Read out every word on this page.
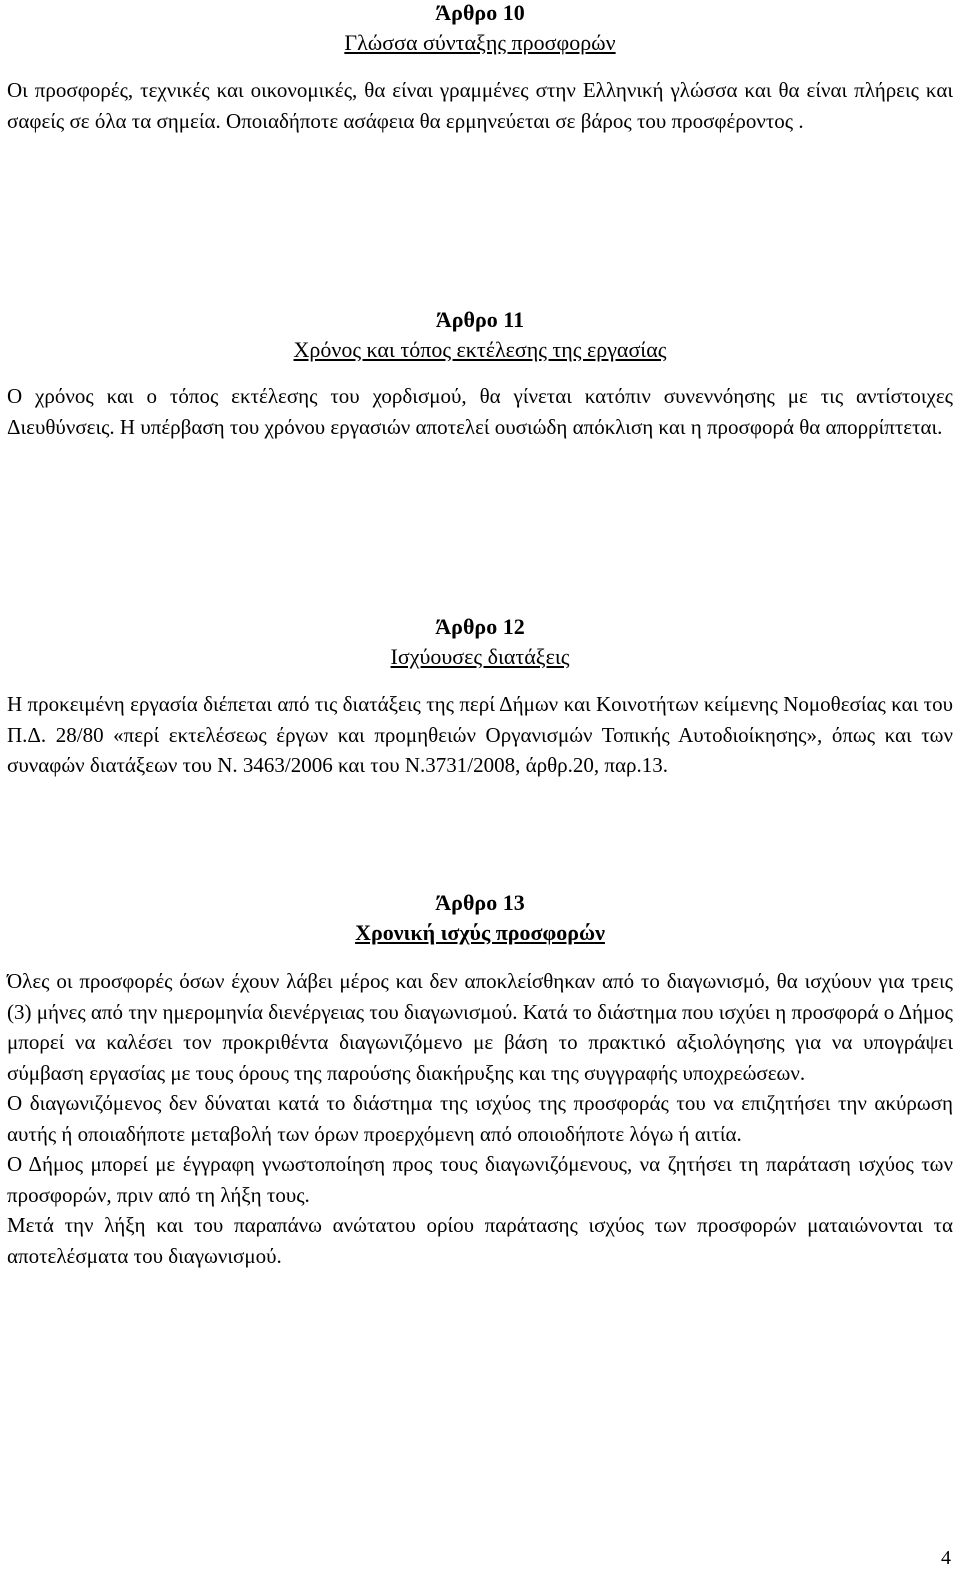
Άρθρο 10

Γλώσσα σύνταξης προσφορών

Οι προσφορές, τεχνικές και οικονομικές, θα είναι γραμμένες στην Ελληνική γλώσσα και θα είναι πλήρεις και σαφείς σε όλα τα σημεία. Οποιαδήποτε ασάφεια θα ερμηνεύεται σε βάρος του προσφέροντος .

Άρθρο 11

Χρόνος και τόπος εκτέλεσης της εργασίας

Ο χρόνος και ο τόπος εκτέλεσης του χορδισμού, θα γίνεται κατόπιν συνεννόησης με τις αντίστοιχες Διευθύνσεις. Η υπέρβαση του χρόνου εργασιών αποτελεί ουσιώδη απόκλιση και η προσφορά θα απορρίπτεται.

Άρθρο 12

Ισχύουσες διατάξεις

Η προκειμένη εργασία διέπεται από τις διατάξεις της περί Δήμων και Κοινοτήτων κείμενης Νομοθεσίας και του Π.Δ. 28/80 «περί εκτελέσεως έργων και προμηθειών Οργανισμών Τοπικής Αυτοδιοίκησης», όπως και των συναφών διατάξεων του Ν. 3463/2006 και του Ν.3731/2008, άρθρ.20, παρ.13.

Άρθρο 13

Χρονική ισχύς προσφορών

Όλες οι προσφορές όσων έχουν λάβει μέρος και δεν αποκλείσθηκαν από το διαγωνισμό, θα ισχύουν για τρεις (3) μήνες από την ημερομηνία διενέργειας του διαγωνισμού. Κατά το διάστημα που ισχύει η προσφορά ο Δήμος μπορεί να καλέσει τον προκριθέντα διαγωνιζόμενο με βάση το πρακτικό αξιολόγησης για να υπογράψει σύμβαση εργασίας με τους όρους της παρούσης διακήρυξης και της συγγραφής υποχρεώσεων.

Ο διαγωνιζόμενος δεν δύναται κατά το διάστημα της ισχύος της προσφοράς του να επιζητήσει την ακύρωση αυτής ή οποιαδήποτε μεταβολή των όρων προερχόμενη από οποιοδήποτε λόγω ή αιτία.

Ο Δήμος μπορεί με έγγραφη γνωστοποίηση προς τους διαγωνιζόμενους, να ζητήσει τη παράταση ισχύος των προσφορών, πριν από τη λήξη τους.

Μετά την λήξη και του παραπάνω ανώτατου ορίου παράτασης ισχύος των προσφορών ματαιώνονται τα αποτελέσματα του διαγωνισμού.

4
